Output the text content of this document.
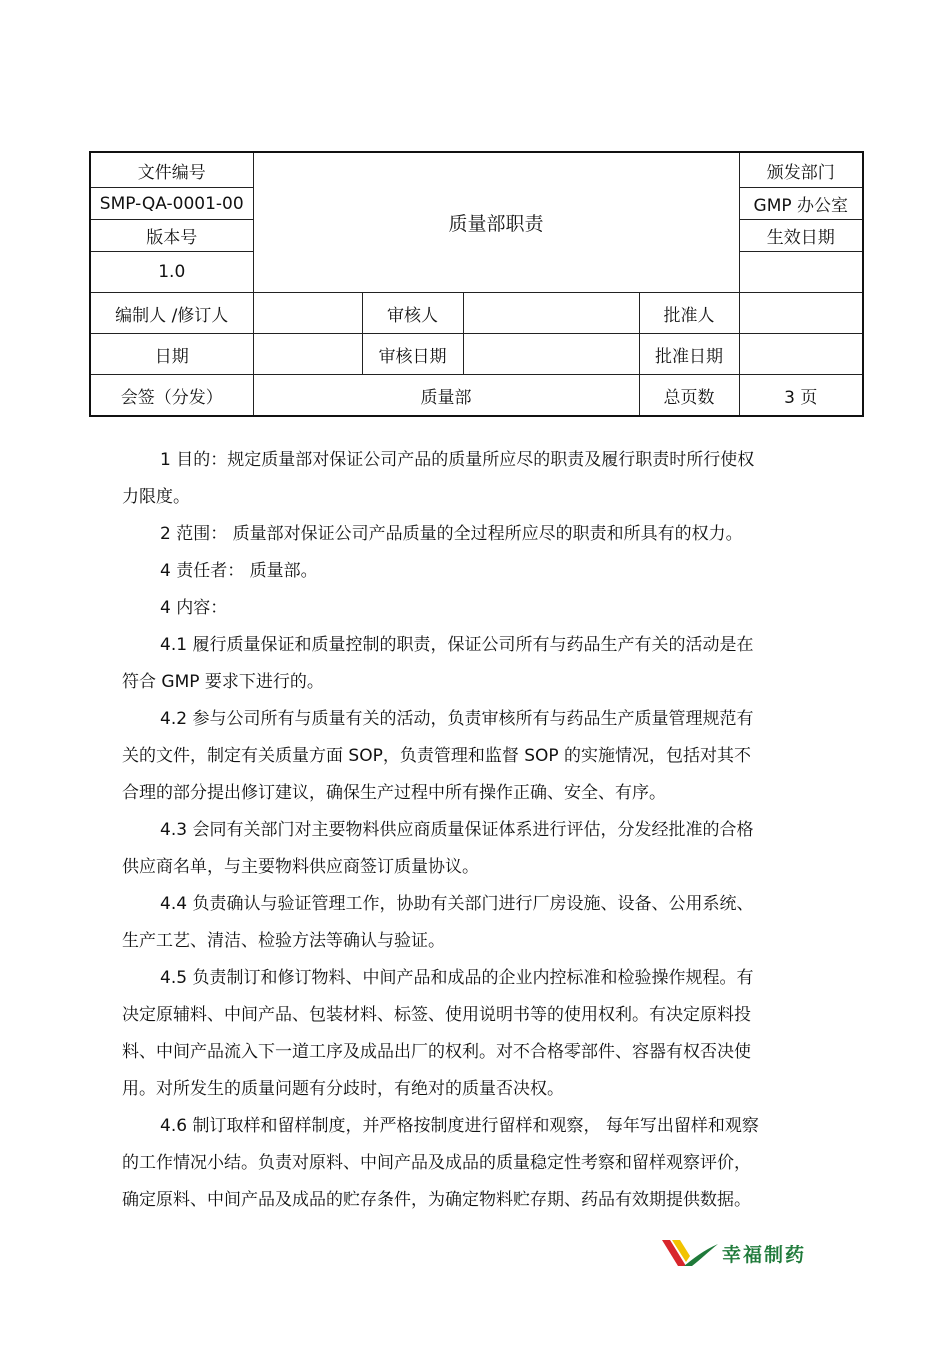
文件编号	质量部职责				颁发部门
SMP-QA-0001-00					GMP 办公室
版本号					生效日期
1.0					
编制人 /修订人		审核人		批准人	
日期		审核日期		批准日期	
会签（分发）	质量部			总页数	3 页

1 目的：规定质量部对保证公司产品的质量所应尽的职责及履行职责时所行使权

力限度。

2 范围： 质量部对保证公司产品质量的全过程所应尽的职责和所具有的权力。

4 责任者： 质量部。

4 内容：

4.1 履行质量保证和质量控制的职责，保证公司所有与药品生产有关的活动是在

符合 GMP 要求下进行的。

4.2 参与公司所有与质量有关的活动，负责审核所有与药品生产质量管理规范有

关的文件，制定有关质量方面 SOP，负责管理和监督 SOP 的实施情况，包括对其不

合理的部分提出修订建议，确保生产过程中所有操作正确、安全、有序。

4.3 会同有关部门对主要物料供应商质量保证体系进行评估，分发经批准的合格

供应商名单，与主要物料供应商签订质量协议。

4.4 负责确认与验证管理工作，协助有关部门进行厂房设施、设备、公用系统、

生产工艺、清洁、检验方法等确认与验证。

4.5 负责制订和修订物料、中间产品和成品的企业内控标准和检验操作规程。有

决定原辅料、中间产品、包装材料、标签、使用说明书等的使用权利。有决定原料投

料、中间产品流入下一道工序及成品出厂的权利。对不合格零部件、容器有权否决使

用。对所发生的质量问题有分歧时，有绝对的质量否决权。

4.6 制订取样和留样制度，并严格按制度进行留样和观察， 每年写出留样和观察

的工作情况小结。负责对原料、中间产品及成品的质量稳定性考察和留样观察评价，

确定原料、中间产品及成品的贮存条件，为确定物料贮存期、药品有效期提供数据。

幸福制药
